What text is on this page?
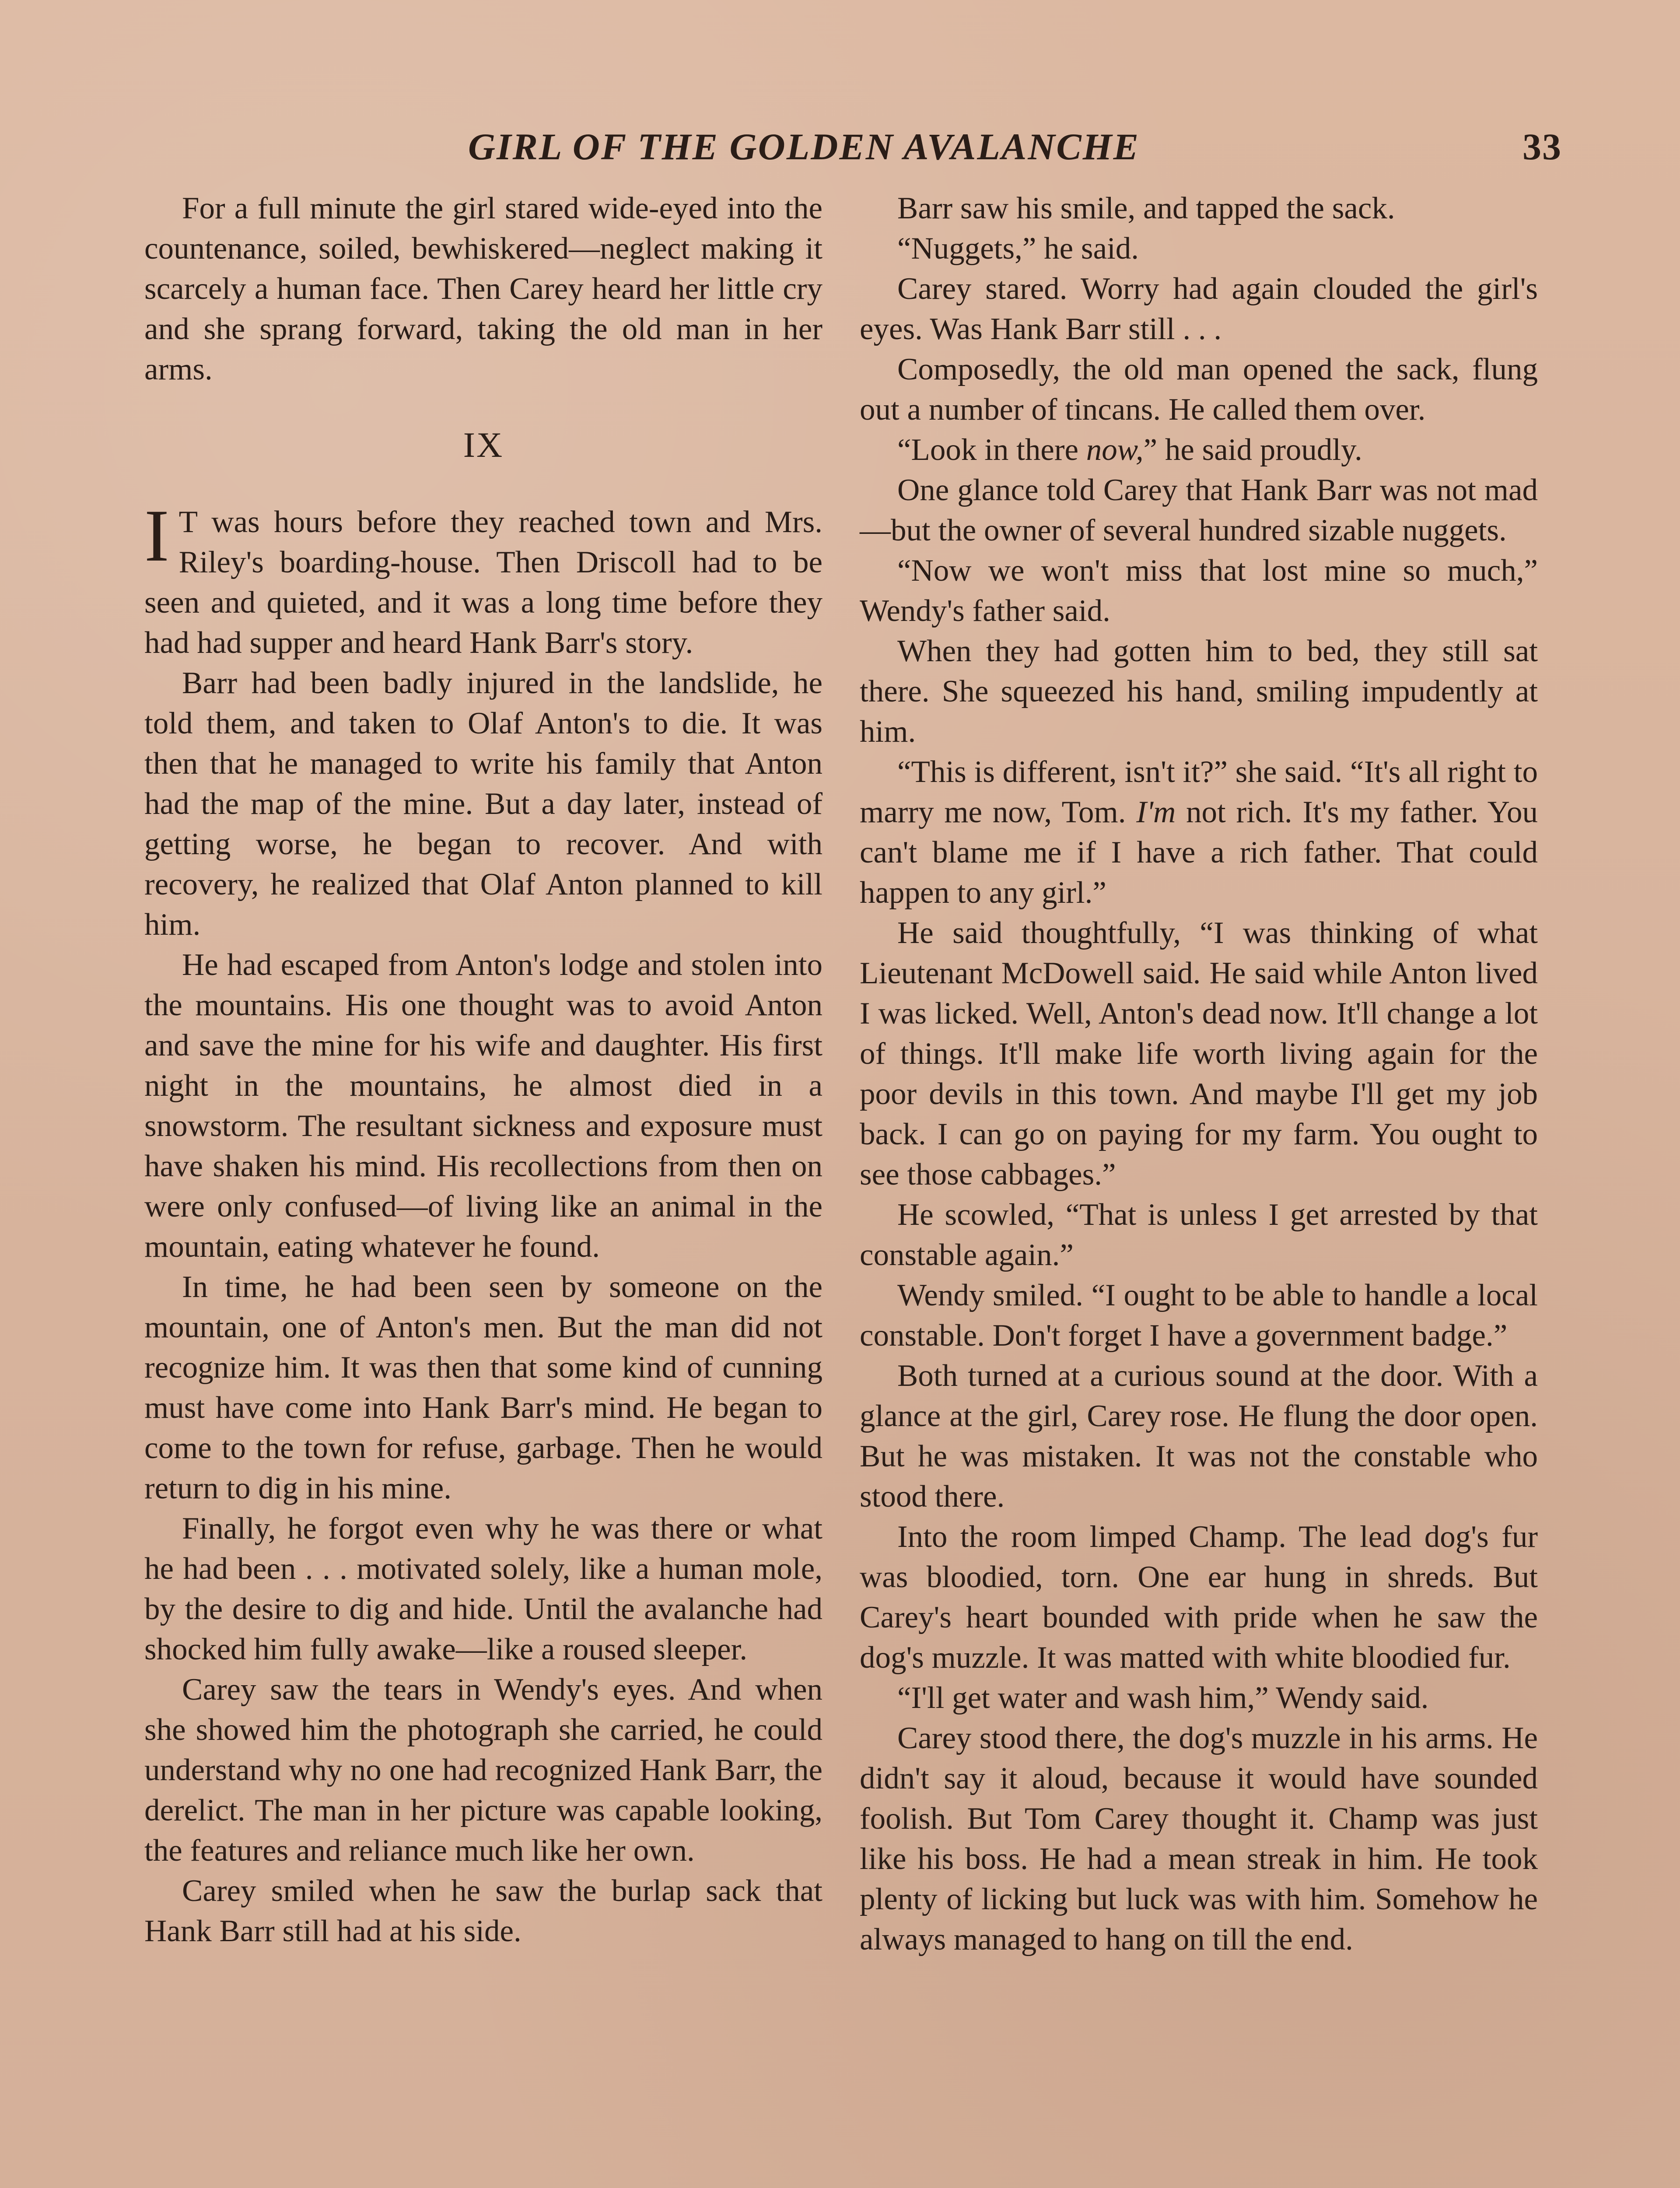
GIRL OF THE GOLDEN AVALANCHE	33

For a full minute the girl stared wide-eyed into the countenance, soiled, bewhiskered—neglect making it scarcely a human face. Then Carey heard her little cry and she sprang forward, taking the old man in her arms.

IX

I T was hours before they reached town and Mrs. Riley's boarding-house. Then Driscoll had to be seen and quieted, and it was a long time before they had had supper and heard Hank Barr's story.

Barr had been badly injured in the landslide, he told them, and taken to Olaf Anton's to die. It was then that he managed to write his family that Anton had the map of the mine. But a day later, instead of getting worse, he began to recover. And with recovery, he realized that Olaf Anton planned to kill him.

He had escaped from Anton's lodge and stolen into the mountains. His one thought was to avoid Anton and save the mine for his wife and daughter. His first night in the mountains, he almost died in a snowstorm. The resultant sickness and exposure must have shaken his mind. His recollections from then on were only confused—of living like an animal in the mountain, eating whatever he found.

In time, he had been seen by someone on the mountain, one of Anton's men. But the man did not recognize him. It was then that some kind of cunning must have come into Hank Barr's mind. He began to come to the town for refuse, garbage. Then he would return to dig in his mine.

Finally, he forgot even why he was there or what he had been . . . motivated solely, like a human mole, by the desire to dig and hide. Until the avalanche had shocked him fully awake—like a roused sleeper.

Carey saw the tears in Wendy's eyes. And when she showed him the photograph she carried, he could understand why no one had recognized Hank Barr, the derelict. The man in her picture was capable looking, the features and reliance much like her own.

Carey smiled when he saw the burlap sack that Hank Barr still had at his side.

Barr saw his smile, and tapped the sack.

“Nuggets,” he said.

Carey stared. Worry had again clouded the girl's eyes. Was Hank Barr still . . .

Composedly, the old man opened the sack, flung out a number of tincans. He called them over.

“Look in there now,” he said proudly.

One glance told Carey that Hank Barr was not mad—but the owner of several hundred sizable nuggets.

“Now we won't miss that lost mine so much,” Wendy's father said.

When they had gotten him to bed, they still sat there. She squeezed his hand, smiling impudently at him.

“This is different, isn't it?” she said. “It's all right to marry me now, Tom. I'm not rich. It's my father. You can't blame me if I have a rich father. That could happen to any girl.”

He said thoughtfully, “I was thinking of what Lieutenant McDowell said. He said while Anton lived I was licked. Well, Anton's dead now. It'll change a lot of things. It'll make life worth living again for the poor devils in this town. And maybe I'll get my job back. I can go on paying for my farm. You ought to see those cabbages.”

He scowled, “That is unless I get arrested by that constable again.”

Wendy smiled. “I ought to be able to handle a local constable. Don't forget I have a government badge.”

Both turned at a curious sound at the door. With a glance at the girl, Carey rose. He flung the door open. But he was mistaken. It was not the constable who stood there.

Into the room limped Champ. The lead dog's fur was bloodied, torn. One ear hung in shreds. But Carey's heart bounded with pride when he saw the dog's muzzle. It was matted with white bloodied fur.

“I'll get water and wash him,” Wendy said.

Carey stood there, the dog's muzzle in his arms. He didn't say it aloud, because it would have sounded foolish. But Tom Carey thought it. Champ was just like his boss. He had a mean streak in him. He took plenty of licking but luck was with him. Somehow he always managed to hang on till the end.
